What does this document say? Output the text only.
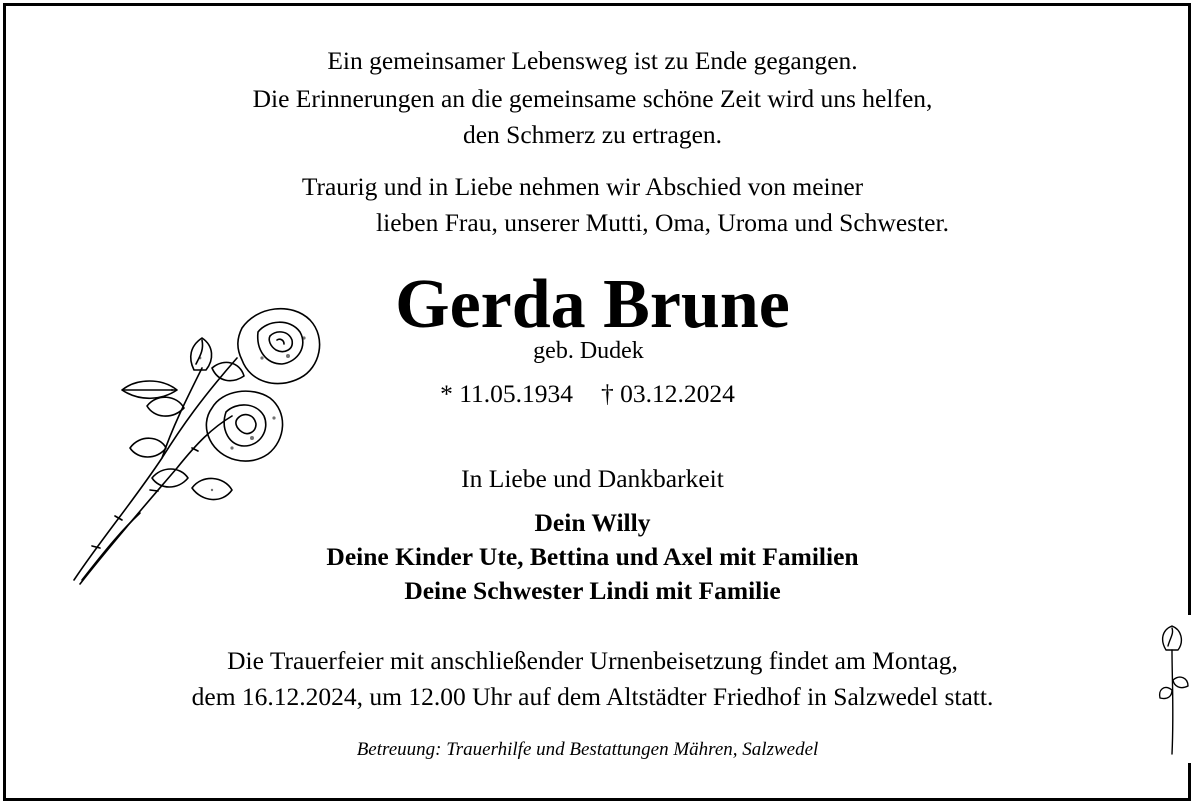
Ein gemeinsamer Lebensweg ist zu Ende gegangen.
Die Erinnerungen an die gemeinsame schöne Zeit wird uns helfen,
den Schmerz zu ertragen.
Traurig und in Liebe nehmen wir Abschied von meiner
lieben Frau, unserer Mutti, Oma, Uroma und Schwester.
Gerda Brune
geb. Dudek
* 11.05.1934 † 03.12.2024
In Liebe und Dankbarkeit
Dein Willy
Deine Kinder Ute, Bettina und Axel mit Familien
Deine Schwester Lindi mit Familie
Die Trauerfeier mit anschließender Urnenbeisetzung findet am Montag,
dem 16.12.2024, um 12.00 Uhr auf dem Altstädter Friedhof in Salzwedel statt.
Betreuung: Trauerhilfe und Bestattungen Mähren, Salzwedel
